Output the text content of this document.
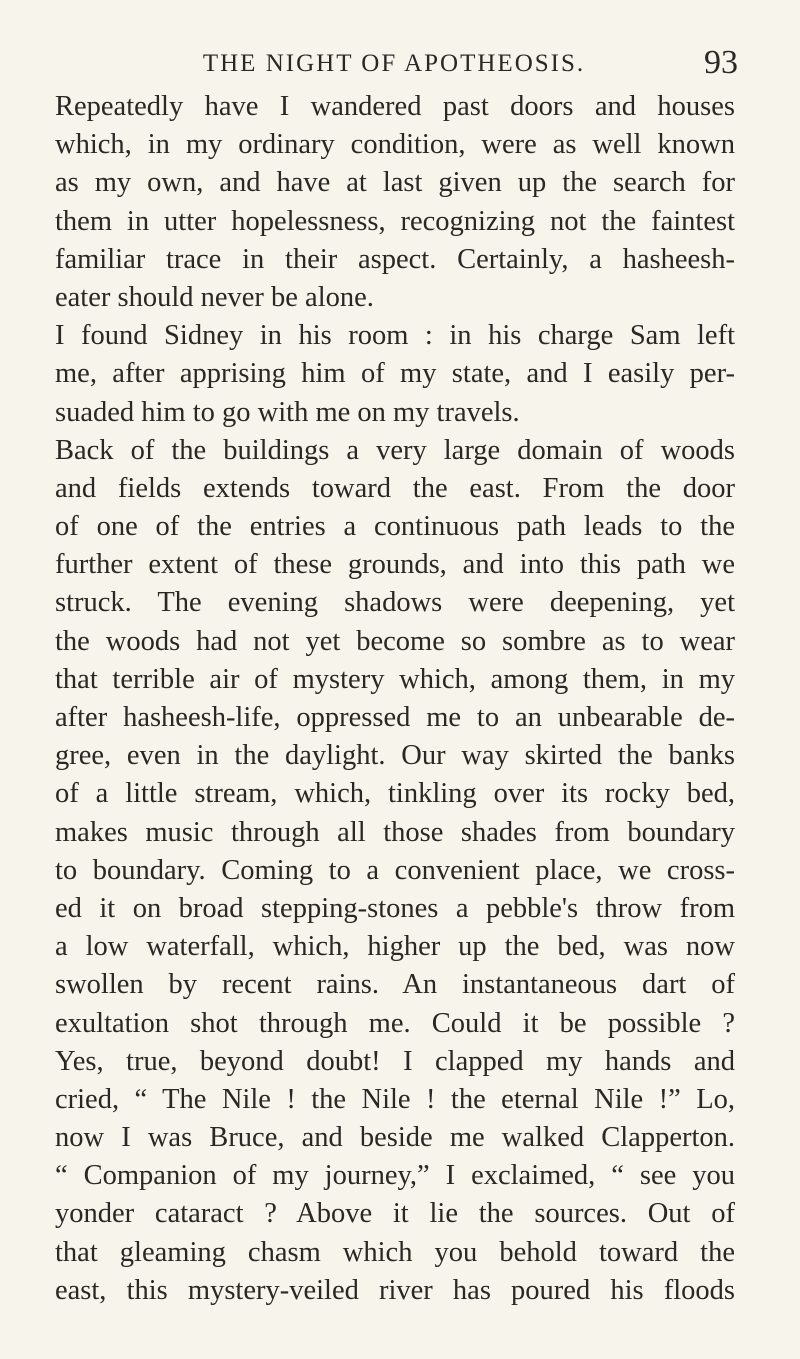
THE NIGHT OF APOTHEOSIS.	93
Repeatedly have I wandered past doors and houses
which, in my ordinary condition, were as well known
as my own, and have at last given up the search for
them in utter hopelessness, recognizing not the faintest
familiar trace in their aspect. Certainly, a hasheesh-
eater should never be alone.
I found Sidney in his room : in his charge Sam left
me, after apprising him of my state, and I easily per-
suaded him to go with me on my travels.
Back of the buildings a very large domain of woods
and fields extends toward the east. From the door
of one of the entries a continuous path leads to the
further extent of these grounds, and into this path we
struck. The evening shadows were deepening, yet
the woods had not yet become so sombre as to wear
that terrible air of mystery which, among them, in my
after hasheesh-life, oppressed me to an unbearable de-
gree, even in the daylight. Our way skirted the banks
of a little stream, which, tinkling over its rocky bed,
makes music through all those shades from boundary
to boundary. Coming to a convenient place, we cross-
ed it on broad stepping-stones a pebble's throw from
a low waterfall, which, higher up the bed, was now
swollen by recent rains. An instantaneous dart of
exultation shot through me. Could it be possible ?
Yes, true, beyond doubt! I clapped my hands and
cried, “ The Nile ! the Nile ! the eternal Nile !” Lo,
now I was Bruce, and beside me walked Clapperton.
“ Companion of my journey,” I exclaimed, “ see you
yonder cataract ? Above it lie the sources. Out of
that gleaming chasm which you behold toward the
east, this mystery-veiled river has poured his floods
